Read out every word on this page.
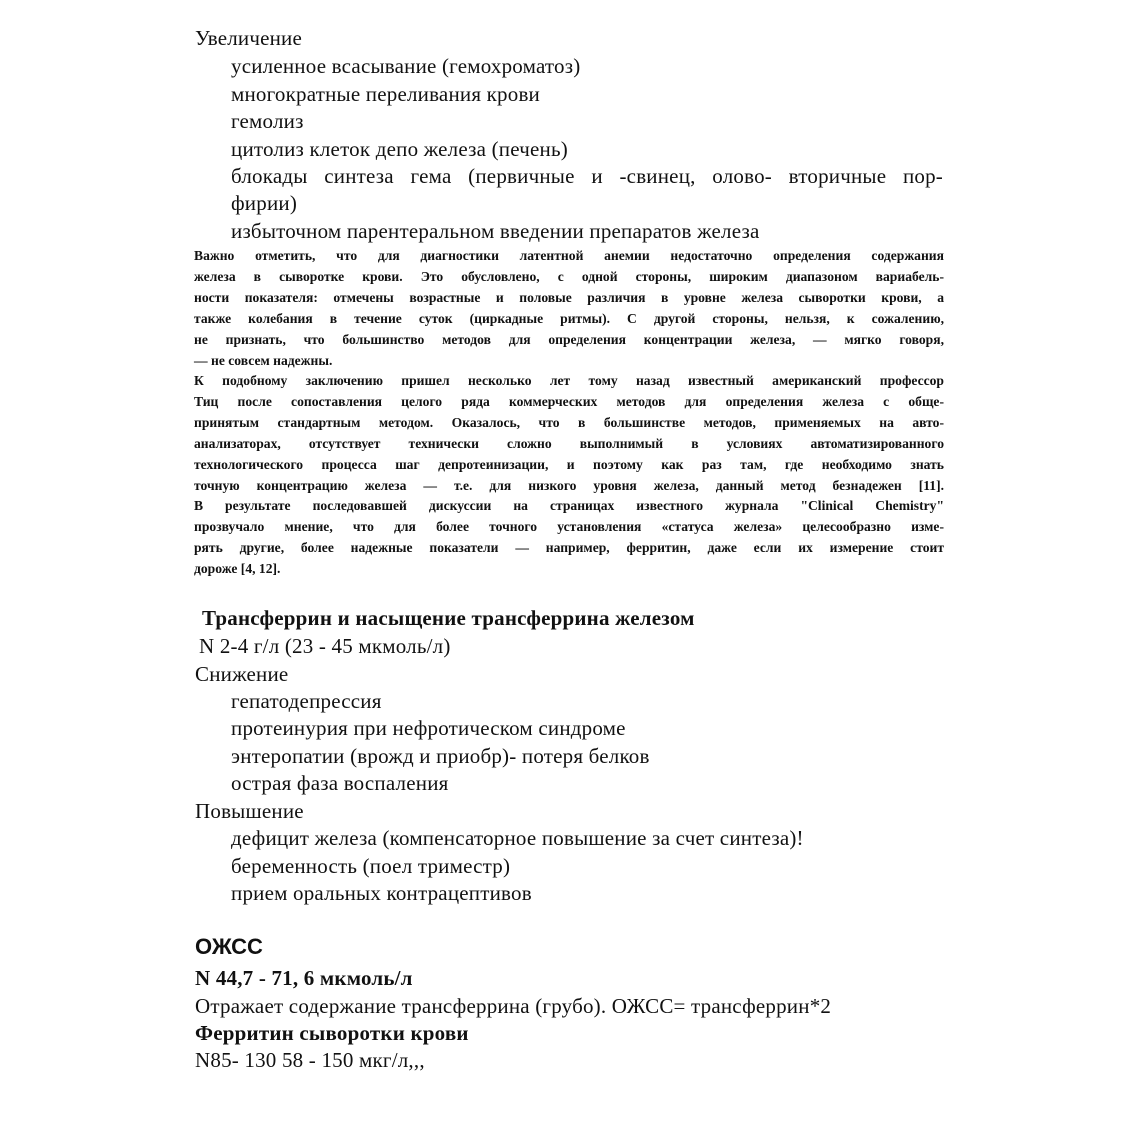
Увеличение
усиленное всасывание (гемохроматоз)
многократные переливания крови
гемолиз
цитолиз клеток депо железа (печень)
блокады синтеза гема (первичные и -свинец, олово- вторичные пор-
фирии)
избыточном парентеральном введении препаратов железа
Важно отметить, что для диагностики латентной анемии недостаточно определения содержания
железа в сыворотке крови. Это обусловлено, с одной стороны, широким диапазоном вариабель-
ности показателя: отмечены возрастные и половые различия в уровне железа сыворотки крови, а
также колебания в течение суток (циркадные ритмы). С другой стороны, нельзя, к сожалению,
не признать, что большинство методов для определения концентрации железа, — мягко говоря,
— не совсем надежны.
К подобному заключению пришел несколько лет тому назад известный американский профессор
Тиц после сопоставления целого ряда коммерческих методов для определения железа с обще-
принятым стандартным методом. Оказалось, что в большинстве методов, применяемых на авто-
анализаторах, отсутствует технически сложно выполнимый в условиях автоматизированного
технологического процесса шаг депротеинизации, и поэтому как раз там, где необходимо знать
точную концентрацию железа — т.е. для низкого уровня железа, данный метод безнадежен [11].
В результате последовавшей дискуссии на страницах известного журнала "Clinical Chemistry"
прозвучало мнение, что для более точного установления «статуса железа» целесообразно изме-
рять другие, более надежные показатели — например, ферритин, даже если их измерение стоит
дороже [4, 12].
Трансферрин и насыщение трансферрина железом
N 2-4 г/л (23 - 45 мкмоль/л)
Снижение
гепатодепрессия
протеинурия при нефротическом синдроме
энтеропатии (врожд и приобр)- потеря белков
острая фаза воспаления
Повышение
дефицит железа (компенсаторное повышение за счет синтеза)!
беременность (поел триместр)
прием оральных контрацептивов
ОЖСС
N 44,7 - 71, 6 мкмоль/л
Отражает содержание трансферрина (грубо). ОЖСС= трансферрин*2
Ферритин сыворотки крови
N85- 130 58 - 150 мкг/л,,,
